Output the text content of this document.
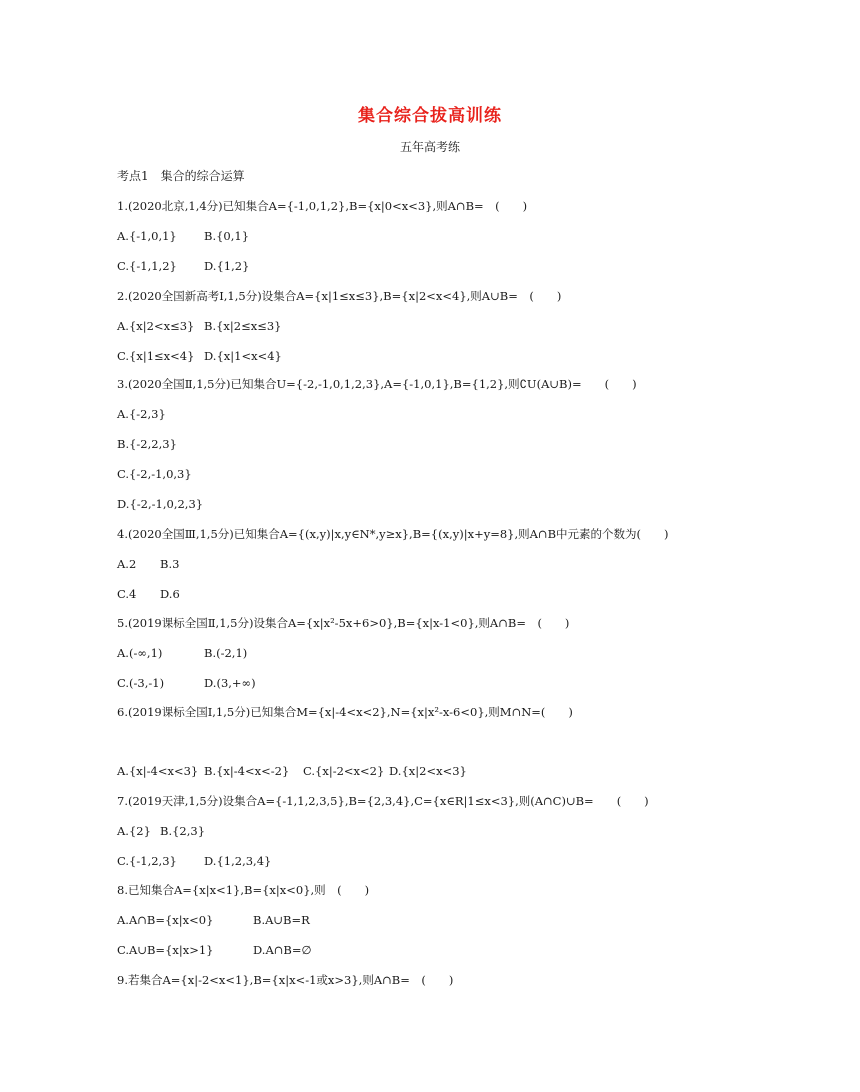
集合综合拔高训练
五年高考练
考点1　集合的综合运算
1.(2020北京,1,4分)已知集合A={-1,0,1,2},B={x|0<x<3},则A∩B=　(　　)
A.{-1,0,1} B.{0,1}
C.{-1,1,2} D.{1,2}
2.(2020全国新高考Ⅰ,1,5分)设集合A={x|1≤x≤3},B={x|2<x<4},则A∪B=　(　　)
A.{x|2<x≤3} B.{x|2≤x≤3}
C.{x|1≤x<4} D.{x|1<x<4}
3.(2020全国Ⅱ,1,5分)已知集合U={-2,-1,0,1,2,3},A={-1,0,1},B={1,2},则∁U(A∪B)=　　(　　)
A.{-2,3}
B.{-2,2,3}
C.{-2,-1,0,3}
D.{-2,-1,0,2,3}
4.(2020全国Ⅲ,1,5分)已知集合A={(x,y)|x,y∈N*,y≥x},B={(x,y)|x+y=8},则A∩B中元素的个数为(　　)
A.2 B.3
C.4 D.6
5.(2019课标全国Ⅱ,1,5分)设集合A={x|x²-5x+6>0},B={x|x-1<0},则A∩B=　(　　)
A.(-∞,1)	B.(-2,1)
C.(-3,-1)	D.(3,+∞)
6.(2019课标全国Ⅰ,1,5分)已知集合M={x|-4<x<2},N={x|x²-x-6<0},则M∩N=(　　)
A.{x|-4<x<3} B.{x|-4<x<-2} C.{x|-2<x<2} D.{x|2<x<3}
7.(2019天津,1,5分)设集合A={-1,1,2,3,5},B={2,3,4},C={x∈R|1≤x<3},则(A∩C)∪B=　　(　　)
A.{2} B.{2,3}
C.{-1,2,3} D.{1,2,3,4}
8.已知集合A={x|x<1},B={x|x<0},则　(　　)
A.A∩B={x|x<0}	B.A∪B=R
C.A∪B={x|x>1}	D.A∩B=∅
9.若集合A={x|-2<x<1},B={x|x<-1或x>3},则A∩B=　(　　)
